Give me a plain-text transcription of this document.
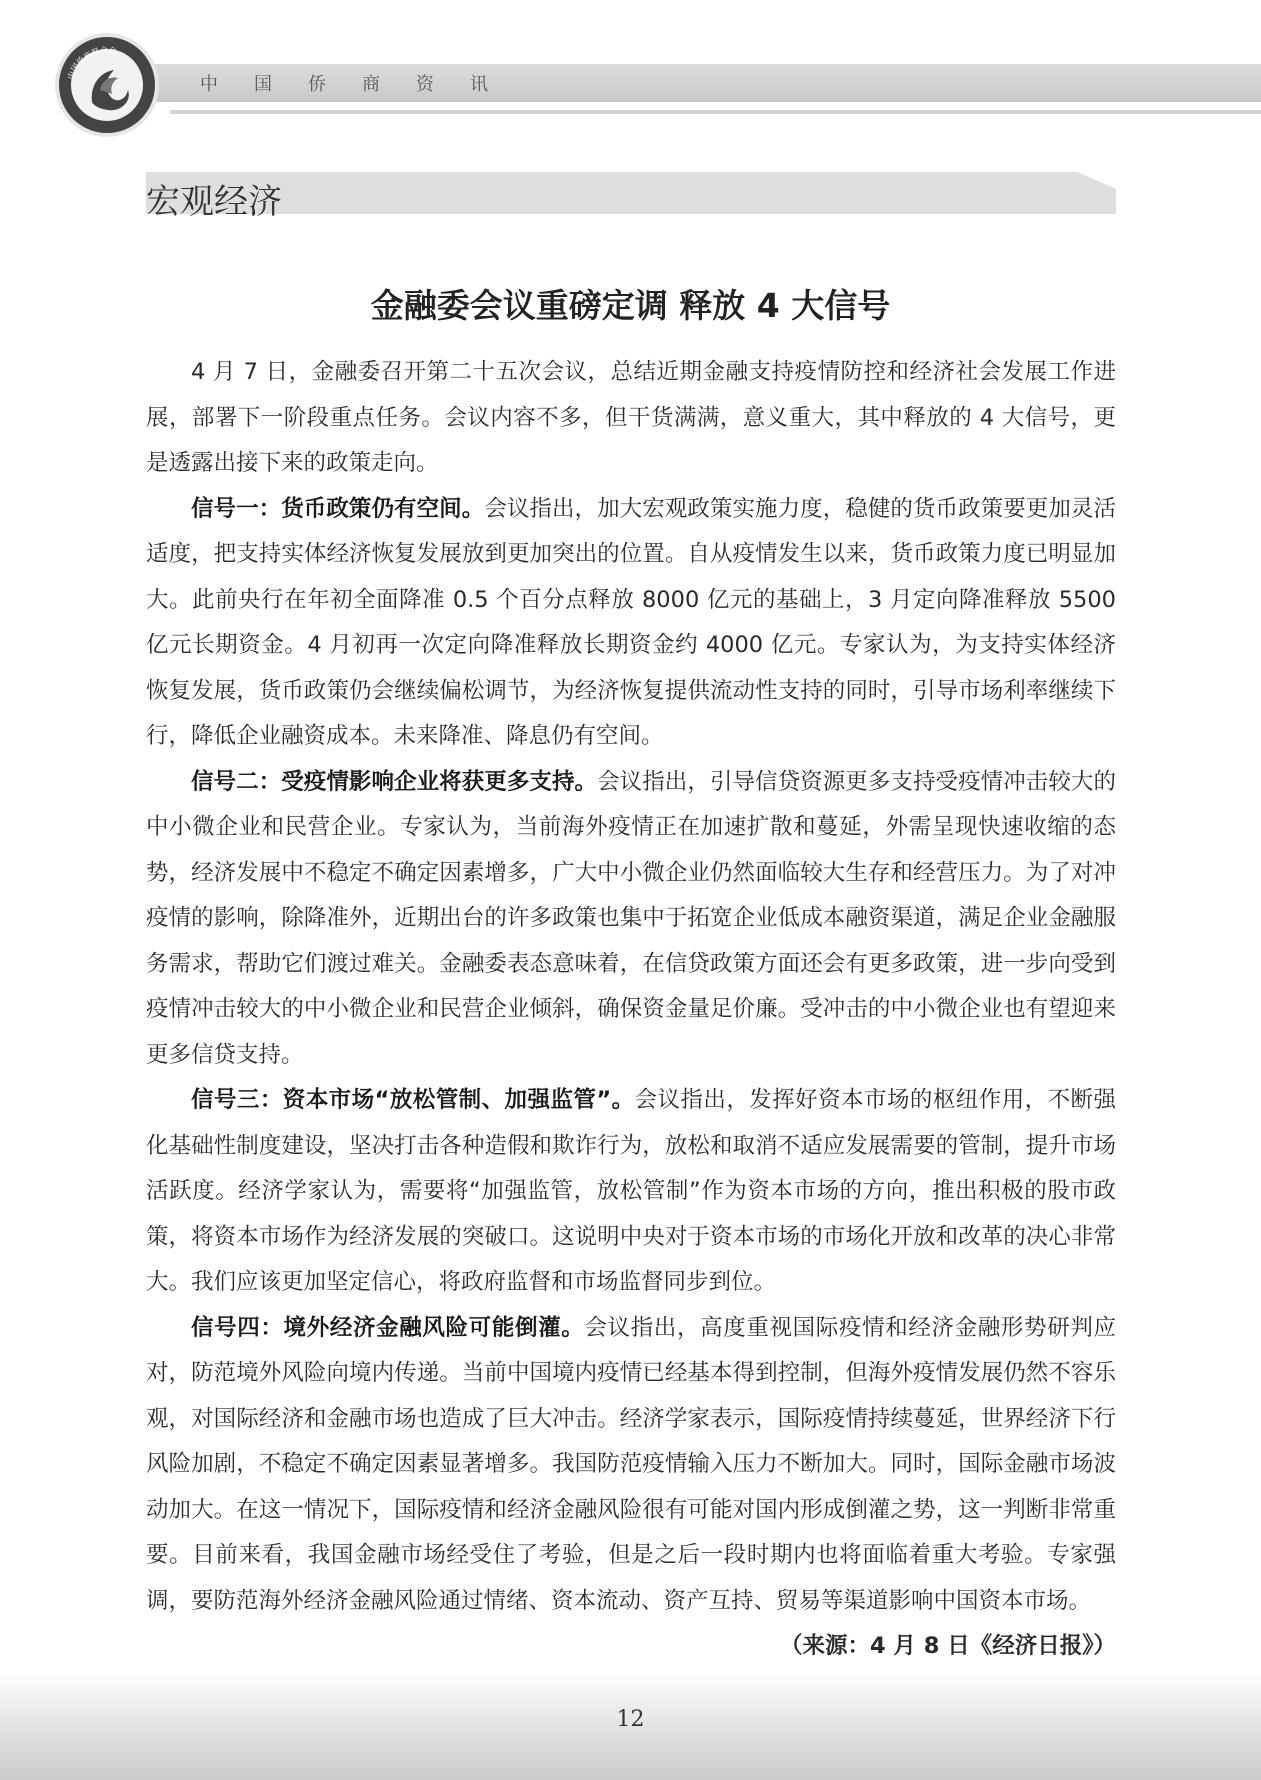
中国侨商资讯
中国侨商联合会
宏观经济
金融委会议重磅定调 释放 4 大信号

4 月 7 日，金融委召开第二十五次会议，总结近期金融支持疫情防控和经济社会发展工作进展，部署下一阶段重点任务。会议内容不多，但干货满满，意义重大，其中释放的 4 大信号，更是透露出接下来的政策走向。

信号一：货币政策仍有空间。会议指出，加大宏观政策实施力度，稳健的货币政策要更加灵活适度，把支持实体经济恢复发展放到更加突出的位置。自从疫情发生以来，货币政策力度已明显加大。此前央行在年初全面降准 0.5 个百分点释放 8000 亿元的基础上，3 月定向降准释放 5500 亿元长期资金。4 月初再一次定向降准释放长期资金约 4000 亿元。专家认为，为支持实体经济恢复发展，货币政策仍会继续偏松调节，为经济恢复提供流动性支持的同时，引导市场利率继续下行，降低企业融资成本。未来降准、降息仍有空间。

信号二：受疫情影响企业将获更多支持。会议指出，引导信贷资源更多支持受疫情冲击较大的中小微企业和民营企业。专家认为，当前海外疫情正在加速扩散和蔓延，外需呈现快速收缩的态势，经济发展中不稳定不确定因素增多，广大中小微企业仍然面临较大生存和经营压力。为了对冲疫情的影响，除降准外，近期出台的许多政策也集中于拓宽企业低成本融资渠道，满足企业金融服务需求，帮助它们渡过难关。金融委表态意味着，在信贷政策方面还会有更多政策，进一步向受到疫情冲击较大的中小微企业和民营企业倾斜，确保资金量足价廉。受冲击的中小微企业也有望迎来更多信贷支持。

信号三：资本市场“放松管制、加强监管”。会议指出，发挥好资本市场的枢纽作用，不断强化基础性制度建设，坚决打击各种造假和欺诈行为，放松和取消不适应发展需要的管制，提升市场活跃度。经济学家认为，需要将“加强监管，放松管制”作为资本市场的方向，推出积极的股市政策，将资本市场作为经济发展的突破口。这说明中央对于资本市场的市场化开放和改革的决心非常大。我们应该更加坚定信心，将政府监督和市场监督同步到位。

信号四：境外经济金融风险可能倒灌。会议指出，高度重视国际疫情和经济金融形势研判应对，防范境外风险向境内传递。当前中国境内疫情已经基本得到控制，但海外疫情发展仍然不容乐观，对国际经济和金融市场也造成了巨大冲击。经济学家表示，国际疫情持续蔓延，世界经济下行风险加剧，不稳定不确定因素显著增多。我国防范疫情输入压力不断加大。同时，国际金融市场波动加大。在这一情况下，国际疫情和经济金融风险很有可能对国内形成倒灌之势，这一判断非常重要。目前来看，我国金融市场经受住了考验，但是之后一段时期内也将面临着重大考验。专家强调，要防范海外经济金融风险通过情绪、资本流动、资产互持、贸易等渠道影响中国资本市场。
（来源：4 月 8 日《经济日报》）

12
